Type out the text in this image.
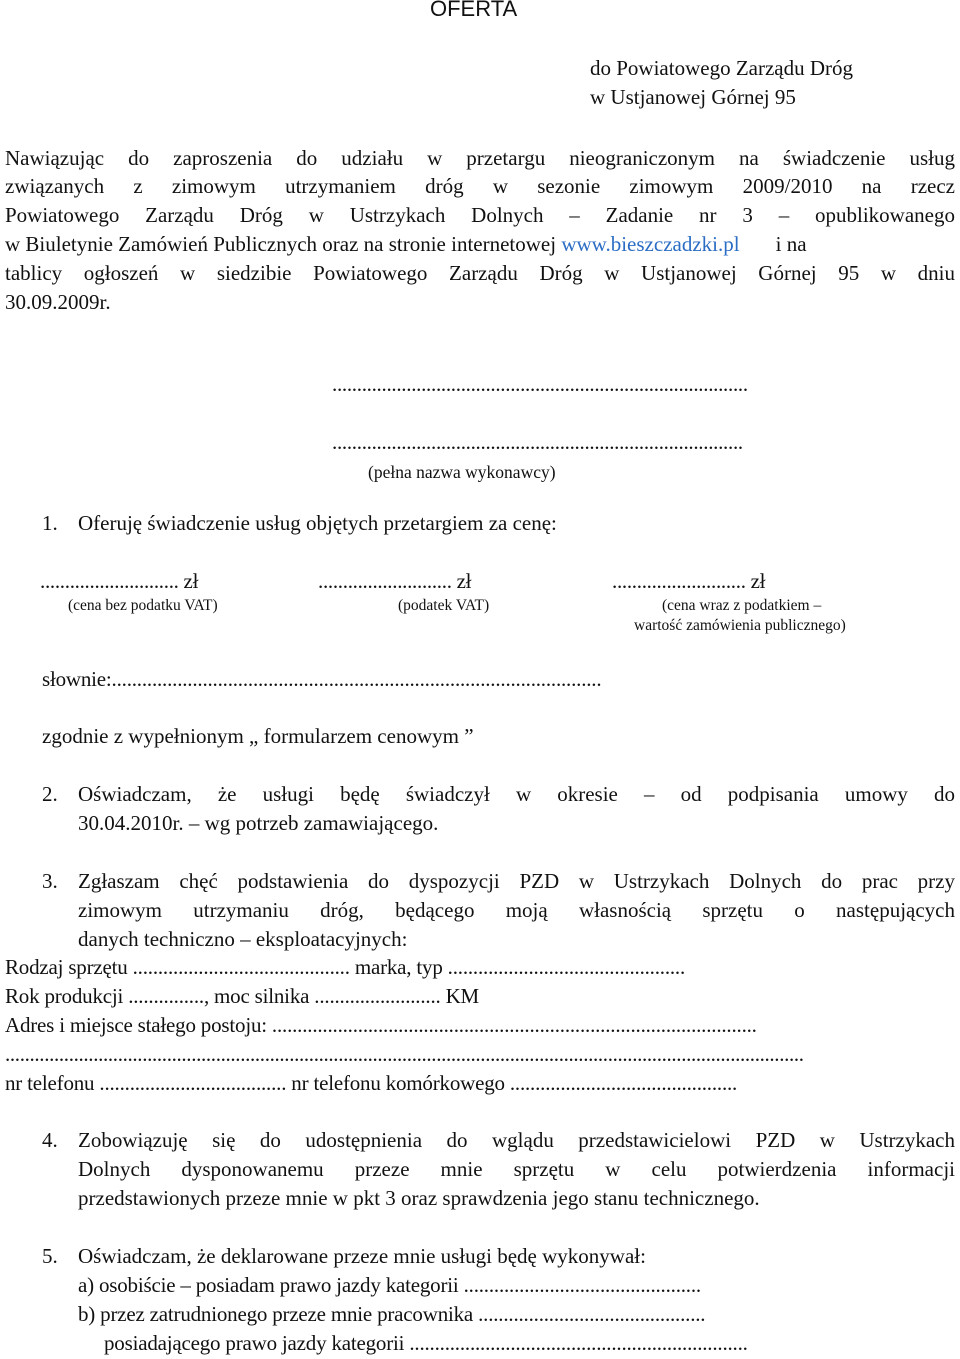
OFERTA
do Powiatowego Zarządu Dróg
w Ustjanowej Górnej 95
Nawiązując do zaproszenia do udziału w przetargu nieograniczonym na świadczenie usług
związanych z zimowym utrzymaniem dróg w sezonie zimowym 2009/2010 na rzecz
Powiatowego Zarządu Dróg w Ustrzykach Dolnych – Zadanie nr 3 – opublikowanego
w Biuletynie Zamówień Publicznych oraz na stronie internetowej www.bieszczadzki.pli na
tablicy ogłoszeń w siedzibie Powiatowego Zarządu Dróg w Ustjanowej Górnej 95 w dniu
30.09.2009r.
....................................................................................
...................................................................................
(pełna nazwa wykonawcy)
1. Oferuję świadczenie usług objętych przetargiem za cenę:
............................ zł	........................... zł	........................... zł
(cena bez podatku VAT)	(podatek VAT)	(cena wraz z podatkiem –
wartość zamówienia publicznego)
słownie:.................................................................................................
zgodnie z wypełnionym „ formularzem cenowym ”
2. Oświadczam, że usługi będę świadczył w okresie – od podpisania umowy do
30.04.2010r. – wg potrzeb zamawiającego.
3. Zgłaszam chęć podstawienia do dyspozycji PZD w Ustrzykach Dolnych do prac przy
zimowym utrzymaniu dróg, będącego moją własnością sprzętu o następujących
danych techniczno – eksploatacyjnych:
Rodzaj sprzętu ........................................... marka, typ ...............................................
Rok produkcji ..............., moc silnika ......................... KM
Adres i miejsce stałego postoju: ................................................................................................
...................................................................................................................................................................
nr telefonu ..................................... nr telefonu komórkowego .............................................
4. Zobowiązuję się do udostępnienia do wglądu przedstawicielowi PZD w Ustrzykach
Dolnych dysponowanemu przeze mnie sprzętu w celu potwierdzenia informacji
przedstawionych przeze mnie w pkt 3 oraz sprawdzenia jego stanu technicznego.
5. Oświadczam, że deklarowane przeze mnie usługi będę wykonywał:
a) osobiście – posiadam prawo jazdy kategorii ...............................................
b) przez zatrudnionego przeze mnie pracownika .............................................
posiadającego prawo jazdy kategorii ...................................................................
